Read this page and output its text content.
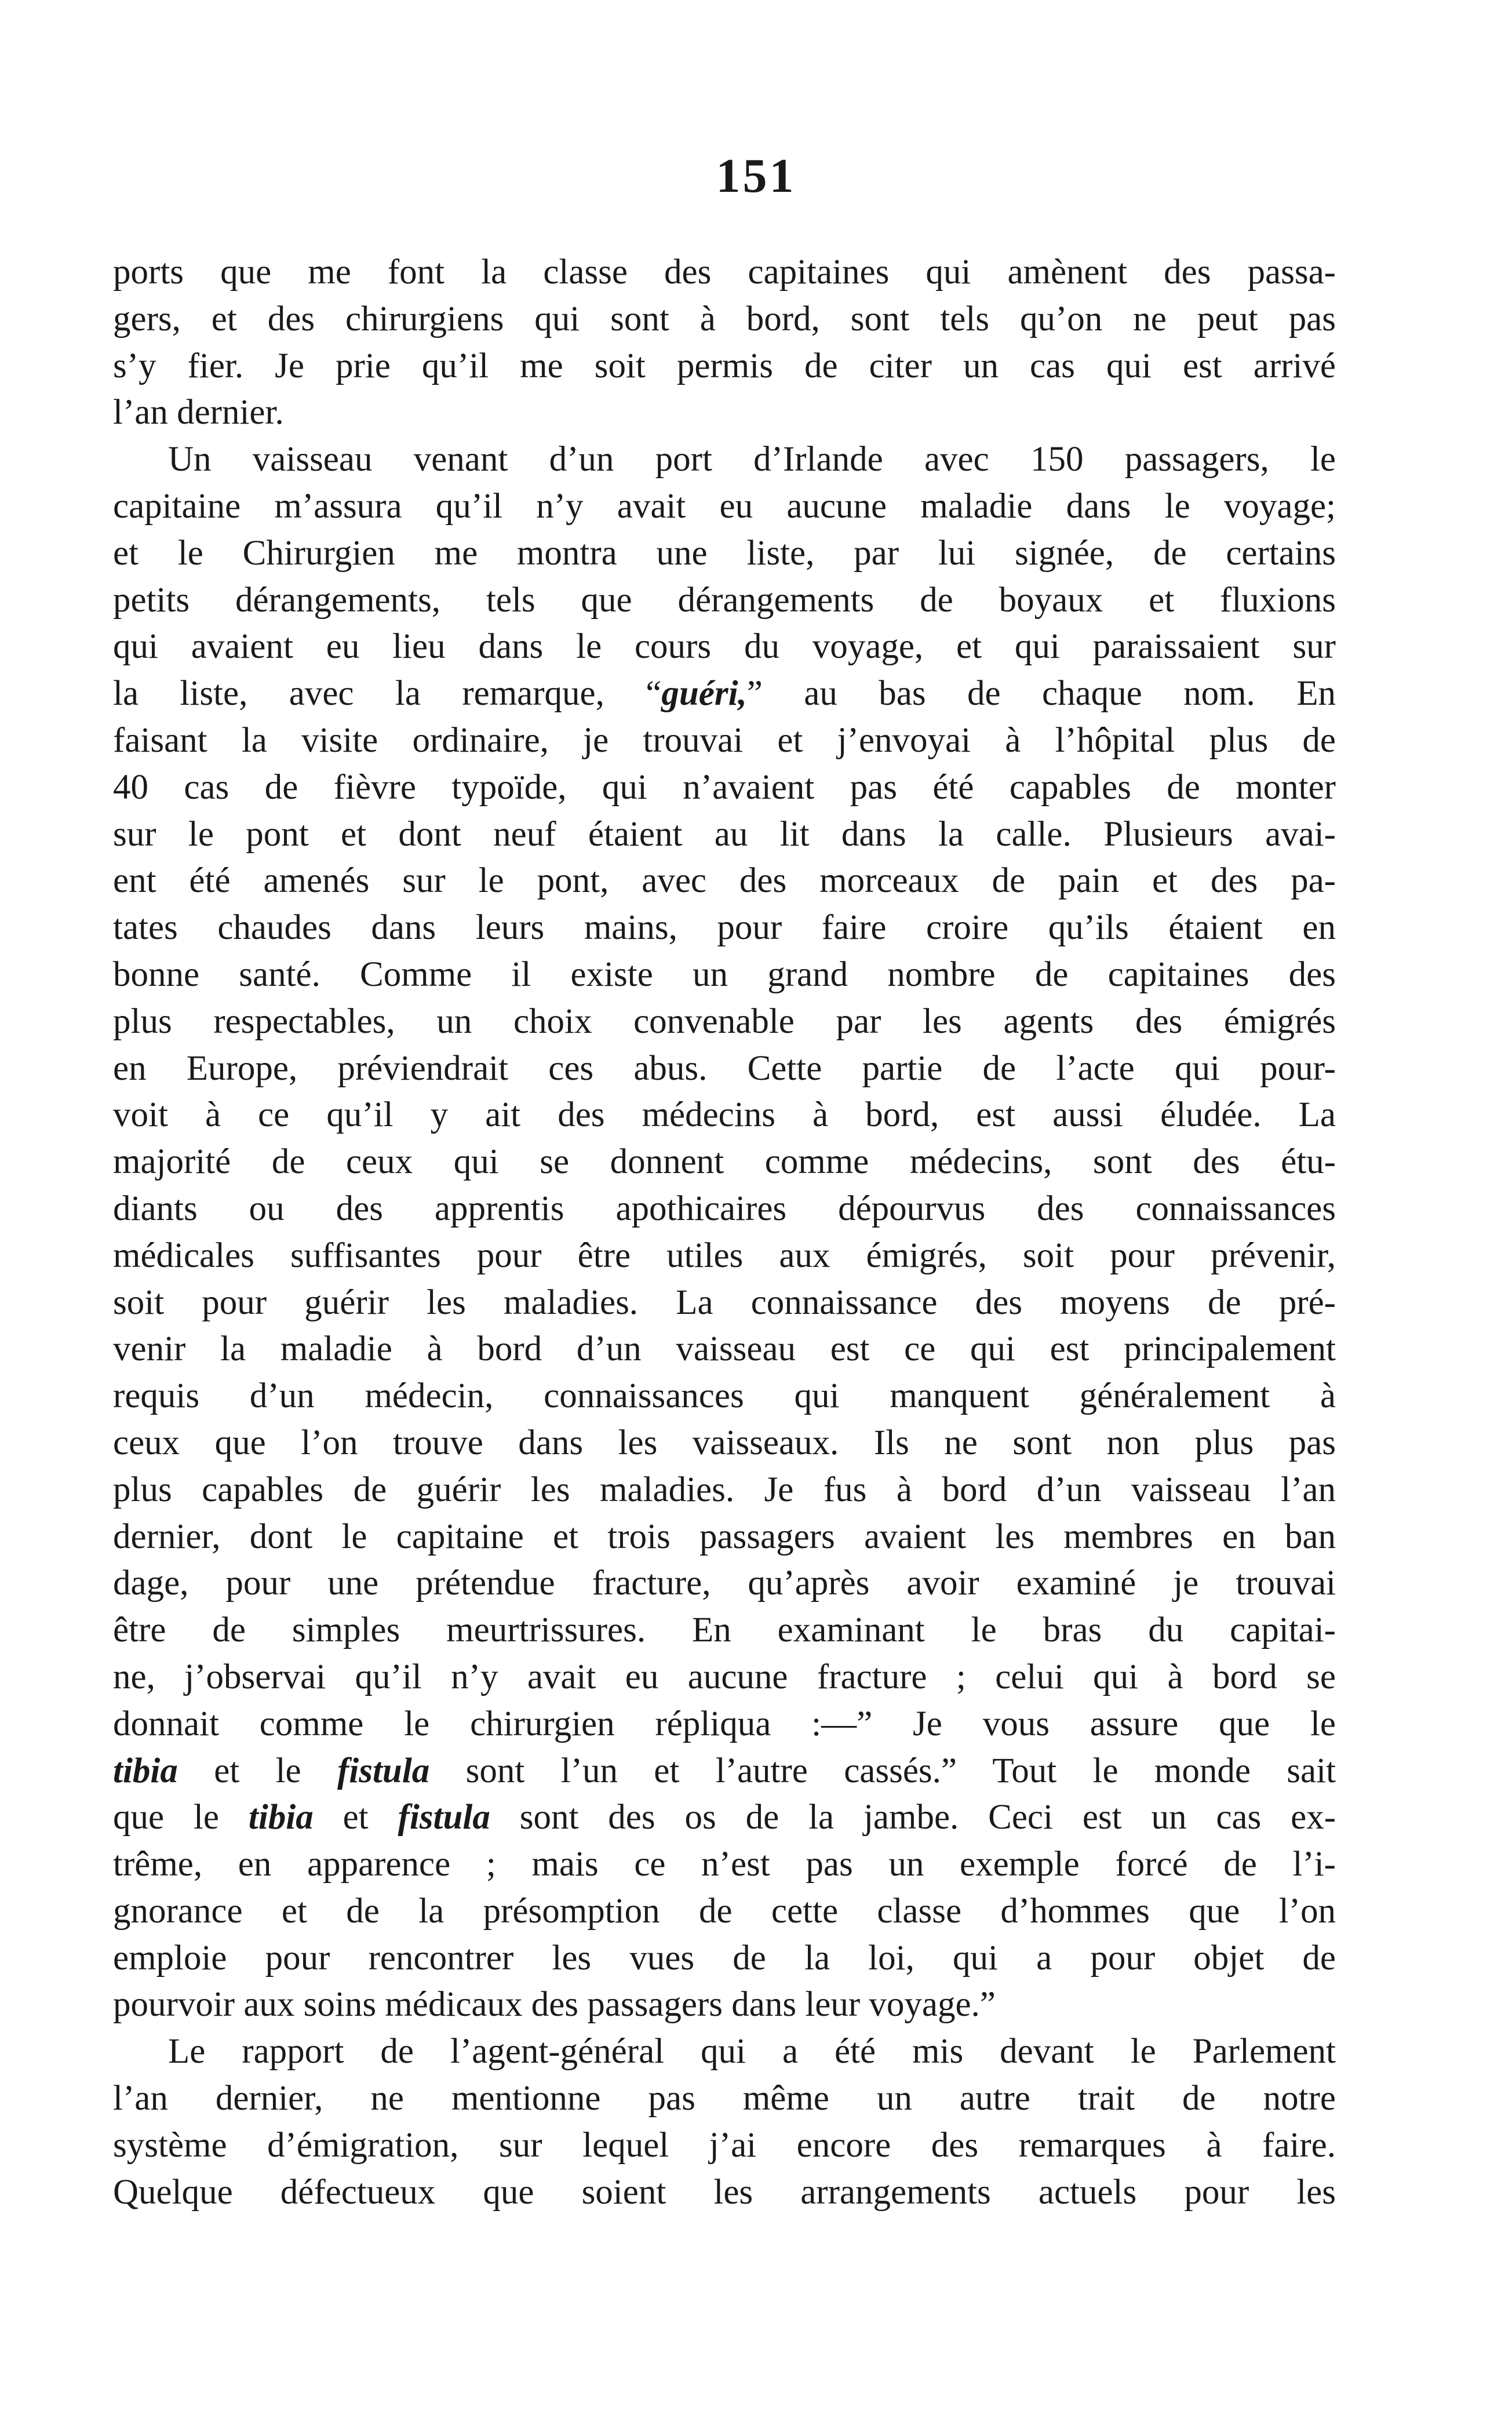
151
ports que me font la classe des capitaines qui amènent des passa-
gers, et des chirurgiens qui sont à bord, sont tels qu’on ne peut pas
s’y fier. Je prie qu’il me soit permis de citer un cas qui est arrivé
l’an dernier.
Un vaisseau venant d’un port d’Irlande avec 150 passagers, le
capitaine m’assura qu’il n’y avait eu aucune maladie dans le voyage;
et le Chirurgien me montra une liste, par lui signée, de certains
petits dérangements, tels que dérangements de boyaux et fluxions
qui avaient eu lieu dans le cours du voyage, et qui paraissaient sur
la liste, avec la remarque, “guéri,” au bas de chaque nom. En
faisant la visite ordinaire, je trouvai et j’envoyai à l’hôpital plus de
40 cas de fièvre typoïde, qui n’avaient pas été capables de monter
sur le pont et dont neuf étaient au lit dans la calle. Plusieurs avai-
ent été amenés sur le pont, avec des morceaux de pain et des pa-
tates chaudes dans leurs mains, pour faire croire qu’ils étaient en
bonne santé. Comme il existe un grand nombre de capitaines des
plus respectables, un choix convenable par les agents des émigrés
en Europe, préviendrait ces abus. Cette partie de l’acte qui pour-
voit à ce qu’il y ait des médecins à bord, est aussi éludée. La
majorité de ceux qui se donnent comme médecins, sont des étu-
diants ou des apprentis apothicaires dépourvus des connaissances
médicales suffisantes pour être utiles aux émigrés, soit pour prévenir,
soit pour guérir les maladies. La connaissance des moyens de pré-
venir la maladie à bord d’un vaisseau est ce qui est principalement
requis d’un médecin, connaissances qui manquent généralement à
ceux que l’on trouve dans les vaisseaux. Ils ne sont non plus pas
plus capables de guérir les maladies. Je fus à bord d’un vaisseau l’an
dernier, dont le capitaine et trois passagers avaient les membres en ban
dage, pour une prétendue fracture, qu’après avoir examiné je trouvai
être de simples meurtrissures. En examinant le bras du capitai-
ne, j’observai qu’il n’y avait eu aucune fracture ; celui qui à bord se
donnait comme le chirurgien répliqua :—” Je vous assure que le
tibia et le fistula sont l’un et l’autre cassés.” Tout le monde sait
que le tibia et fistula sont des os de la jambe. Ceci est un cas ex-
trême, en apparence ; mais ce n’est pas un exemple forcé de l’i-
gnorance et de la présomption de cette classe d’hommes que l’on
emploie pour rencontrer les vues de la loi, qui a pour objet de
pourvoir aux soins médicaux des passagers dans leur voyage.”
Le rapport de l’agent-général qui a été mis devant le Parlement
l’an dernier, ne mentionne pas même un autre trait de notre
système d’émigration, sur lequel j’ai encore des remarques à faire.
Quelque défectueux que soient les arrangements actuels pour les
